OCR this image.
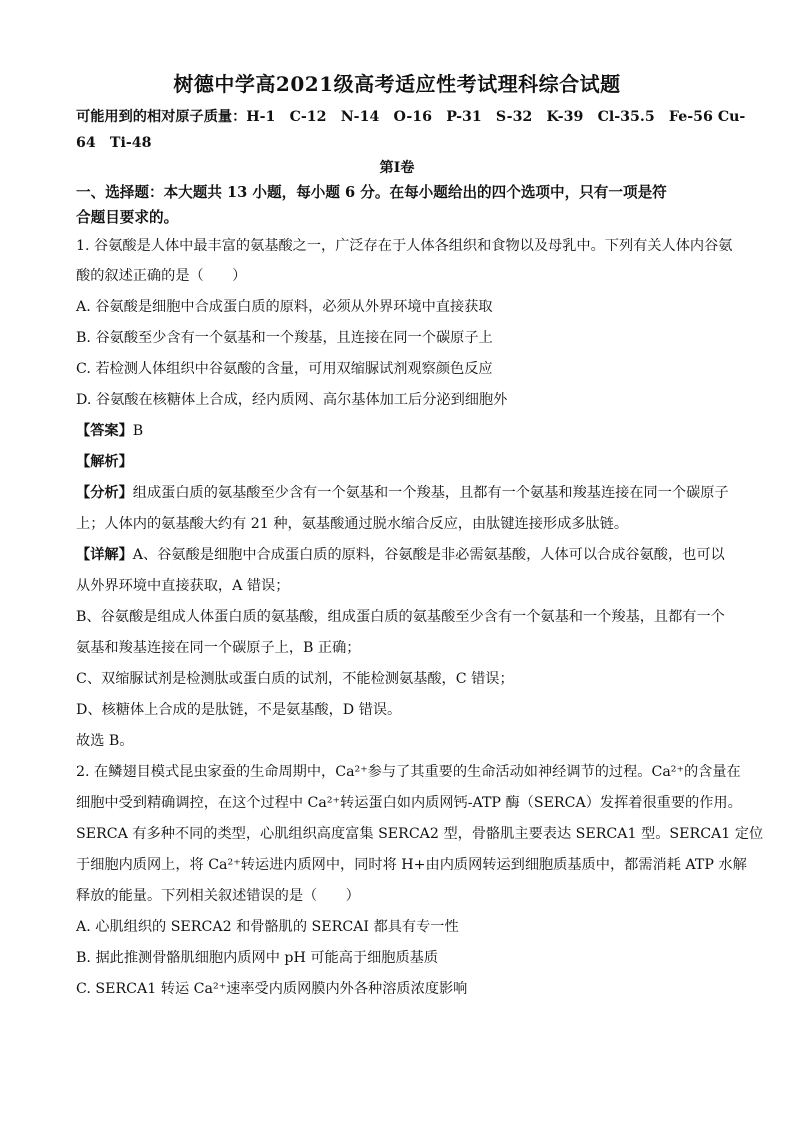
树德中学高2021级高考适应性考试理科综合试题
可能用到的相对原子质量：H-1　C-12　N-14　O-16　P-31　S-32　K-39　Cl-35.5　Fe-56 Cu-
64　Ti-48
第Ⅰ卷
一、选择题：本大题共 13 小题，每小题 6 分。在每小题给出的四个选项中，只有一项是符
合题目要求的。
1. 谷氨酸是人体中最丰富的氨基酸之一，广泛存在于人体各组织和食物以及母乳中。下列有关人体内谷氨
酸的叙述正确的是（　　）
A. 谷氨酸是细胞中合成蛋白质的原料，必须从外界环境中直接获取
B. 谷氨酸至少含有一个氨基和一个羧基，且连接在同一个碳原子上
C. 若检测人体组织中谷氨酸的含量，可用双缩脲试剂观察颜色反应
D. 谷氨酸在核糖体上合成，经内质网、高尔基体加工后分泌到细胞外
【答案】B
【解析】
【分析】组成蛋白质的氨基酸至少含有一个氨基和一个羧基，且都有一个氨基和羧基连接在同一个碳原子
上；人体内的氨基酸大约有 21 种，氨基酸通过脱水缩合反应，由肽键连接形成多肽链。
【详解】A、谷氨酸是细胞中合成蛋白质的原料，谷氨酸是非必需氨基酸，人体可以合成谷氨酸，也可以
从外界环境中直接获取，A 错误；
B、谷氨酸是组成人体蛋白质的氨基酸，组成蛋白质的氨基酸至少含有一个氨基和一个羧基，且都有一个
氨基和羧基连接在同一个碳原子上，B 正确；
C、双缩脲试剂是检测肽或蛋白质的试剂，不能检测氨基酸，C 错误；
D、核糖体上合成的是肽链，不是氨基酸，D 错误。
故选 B。
2. 在鳞翅目模式昆虫家蚕的生命周期中，Ca²⁺参与了其重要的生命活动如神经调节的过程。Ca²⁺的含量在
细胞中受到精确调控，在这个过程中 Ca²⁺转运蛋白如内质网钙-ATP 酶（SERCA）发挥着很重要的作用。
SERCA 有多种不同的类型，心肌组织高度富集 SERCA2 型，骨骼肌主要表达 SERCA1 型。SERCA1 定位
于细胞内质网上，将 Ca²⁺转运进内质网中，同时将 H+由内质网转运到细胞质基质中，都需消耗 ATP 水解
释放的能量。下列相关叙述错误的是（　　）
A. 心肌组织的 SERCA2 和骨骼肌的 SERCAI 都具有专一性
B. 据此推测骨骼肌细胞内质网中 pH 可能高于细胞质基质
C. SERCA1 转运 Ca²⁺速率受内质网膜内外各种溶质浓度影响
